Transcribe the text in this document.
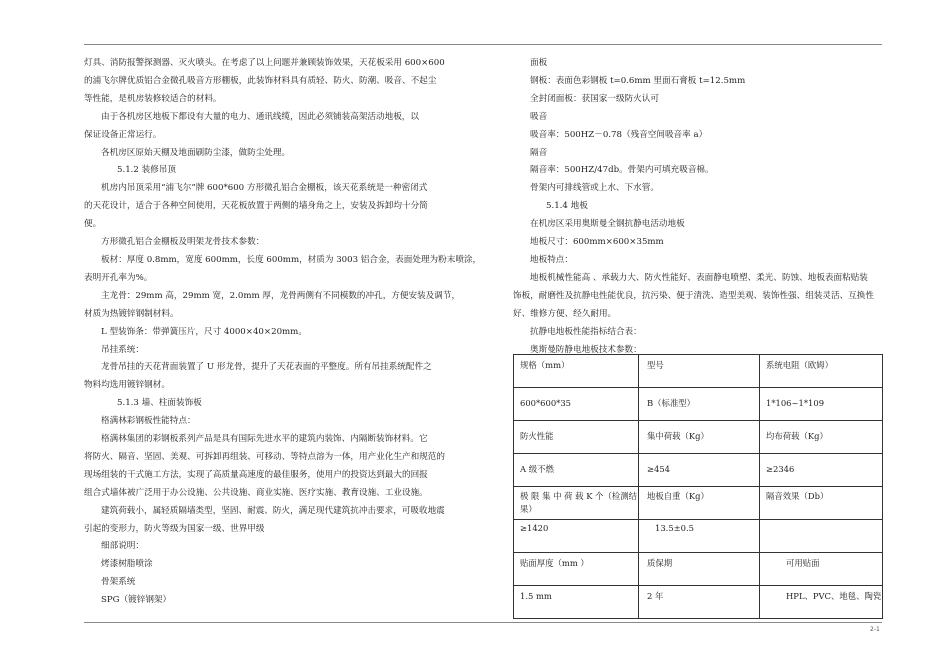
灯具、消防报警探测器、灭火喷头。在考虑了以上问题并兼顾装饰效果，天花板采用 600×600

的浦飞尔牌优质铝合金微孔吸音方形棚板，此装饰材料具有质轻、防火、防潮、吸音、不起尘

等性能，是机房装修较适合的材料。

由于各机房区地板下都设有大量的电力、通讯线缆，因此必须铺装高架活动地板，以

保证设备正常运行。

各机房区原始天棚及地面刷防尘漆，做防尘处理。

5.1.2 装修吊顶

机房内吊顶采用“浦飞尔”牌 600*600 方形微孔铝合金棚板，该天花系统是一种密闭式

的天花设计，适合于各种空间使用，天花板放置于两侧的墙身角之上，安装及拆卸均十分简

便。

方形微孔铝合金棚板及明架龙骨技术参数：

板材：厚度 0.8mm，宽度 600mm，长度 600mm，材质为 3003 铝合金，表面处理为粉末喷涂，

表明开孔率为%。

主龙骨：29mm 高，29mm 宽，2.0mm 厚，龙骨两侧有不同模数的冲孔，方便安装及调节，

材质为热镀锌钢制材料。

L 型装饰条：带弹簧压片，尺寸 4000×40×20mm。

吊挂系统：

龙骨吊挂的天花背面装置了 U 形龙骨，提升了天花表面的平整度。所有吊挂系统配件之

物料均选用镀锌钢材。

5.1.3 墙、柱面装饰板

格满林彩钢板性能特点：

格满林集团的彩钢板系列产品是具有国际先进水平的建筑内装饰、内隔断装饰材料。它

将防火、隔音、坚固、美观、可拆卸再组装、可移动、等特点溶为一体，用产业化生产和规范的

现场组装的干式施工方法，实现了高质量高速度的最佳服务，使用户的投资达到最大的回报

组合式墙体被广泛用于办公设施、公共设施、商业实施、医疗实施、教育设施、工业设施。

建筑荷载小，属轻质隔墙类型，坚固、耐震、防火，满足现代建筑抗冲击要求，可吸收地震

引起的变形力，防火等级为国家一级、世界甲级

细部说明：

烤漆树脂喷涂

骨架系统

SPG（镀锌钢架）

面板

钢板：表面色彩钢板 t=0.6mm 里面石膏板 t=12.5mm

全封闭面板：获国家一级防火认可

吸音

吸音率：500HZ－0.78（残音空间吸音率 a）

隔音

隔音率：500HZ/47db。骨架内可填充吸音棉。

骨架内可排线管或上水、下水管。

5.1.4 地板

在机房区采用奥斯曼全钢抗静电活动地板

地板尺寸：600mm×600×35mm

地板特点：

地板机械性能高 、承载力大、防火性能好、表面静电喷塑、柔光、防蚀、地板表面粘贴装

饰板，耐磨性及抗静电性能优良，抗污染、便于清洗、造型美观、装饰性强、组装灵活、互换性

好、维修方便、经久耐用。

抗静电地板性能指标结合表：

奥斯曼防静电地板技术参数：

规格（mm）	型号	系统电阻（欧姆）

600*600*35	B（标准型）	1*106~1*109

防火性能	集中荷载（Kg）	均布荷载（Kg）

A 级不燃	≥454	≥2346

极 限 集 中 荷 载 K 个（检测结果）	地板自重（Kg）	隔音效果（Db）

≥1420	13.5±0.5	

贴面厚度（mm ）	质保期	可用贴面

1.5 mm	2 年	HPL、PVC、地毯、陶瓷
2-1
